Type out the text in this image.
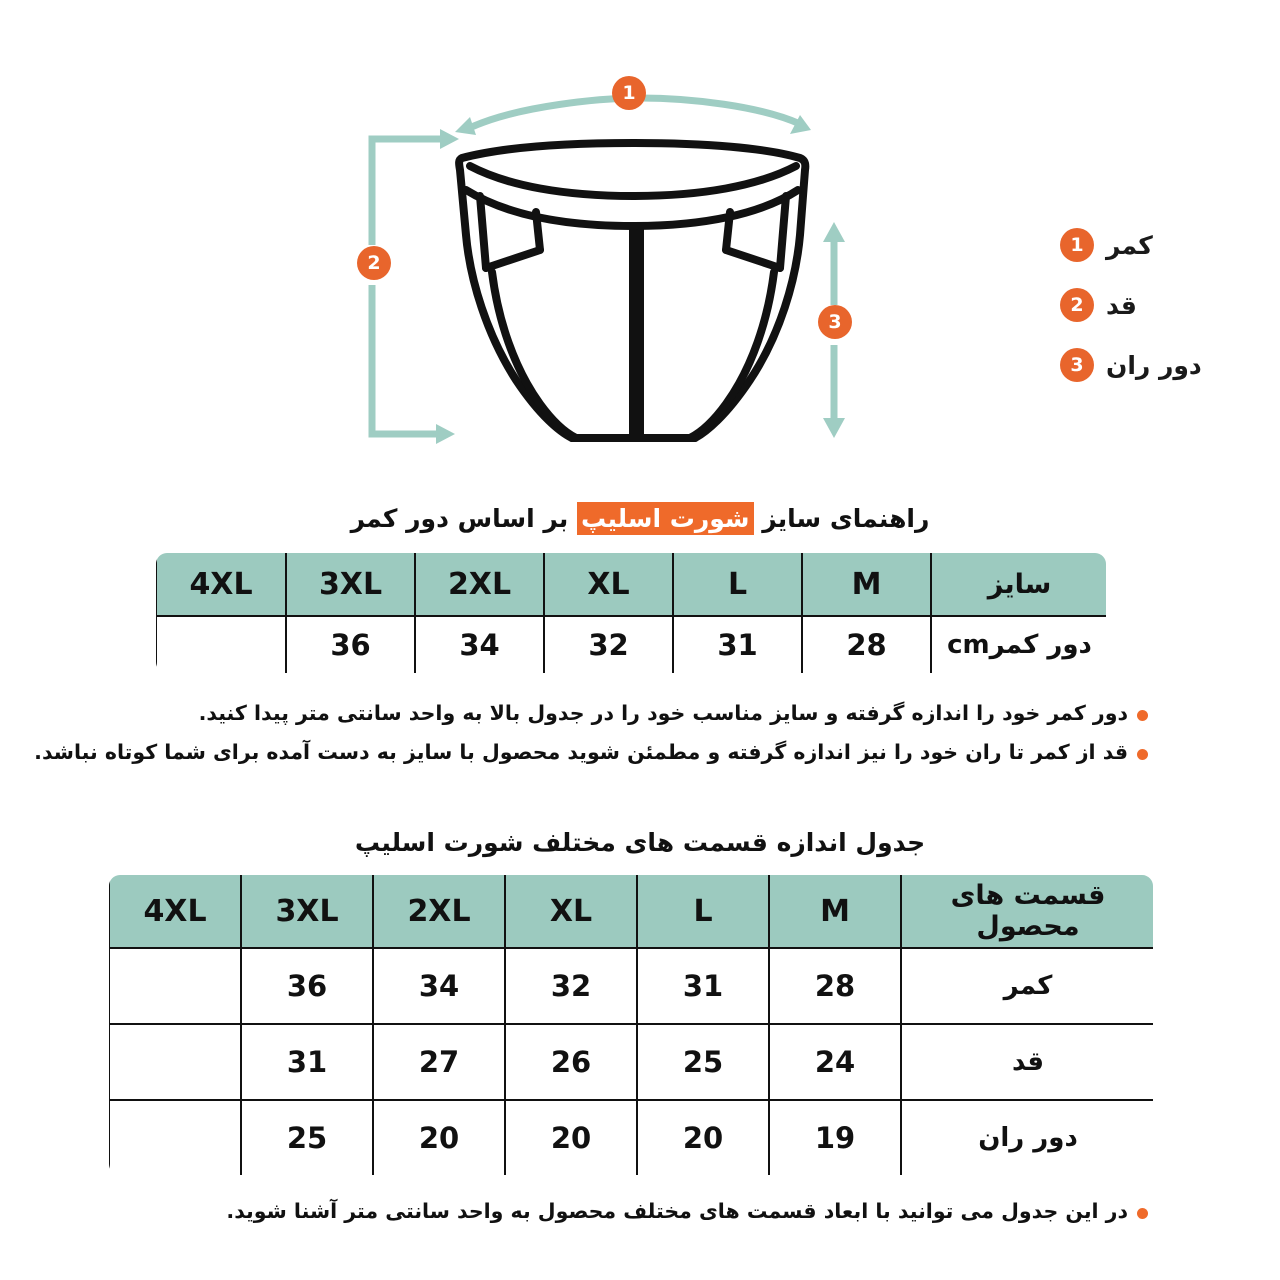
1
2
3
1 کمر
2 قد
3 دور ران
راهنمای سایز شورت اسلیپ بر اساس دور کمر
سایز	M	L	XL	2XL	3XL	4XL
دور کمرcm	28	31	32	34	36	
دور کمر خود را اندازه گرفته و سایز مناسب خود را در جدول بالا به واحد سانتی متر پیدا کنید.
قد از کمر تا ران خود را نیز اندازه گرفته و مطمئن شوید محصول با سایز به دست آمده برای شما کوتاه نباشد.
جدول اندازه قسمت های مختلف شورت اسلیپ
قسمت های محصول	M	L	XL	2XL	3XL	4XL
کمر	28	31	32	34	36	
قد	24	25	26	27	31	
دور ران	19	20	20	20	25	
در این جدول می توانید با ابعاد قسمت های مختلف محصول به واحد سانتی متر آشنا شوید.
